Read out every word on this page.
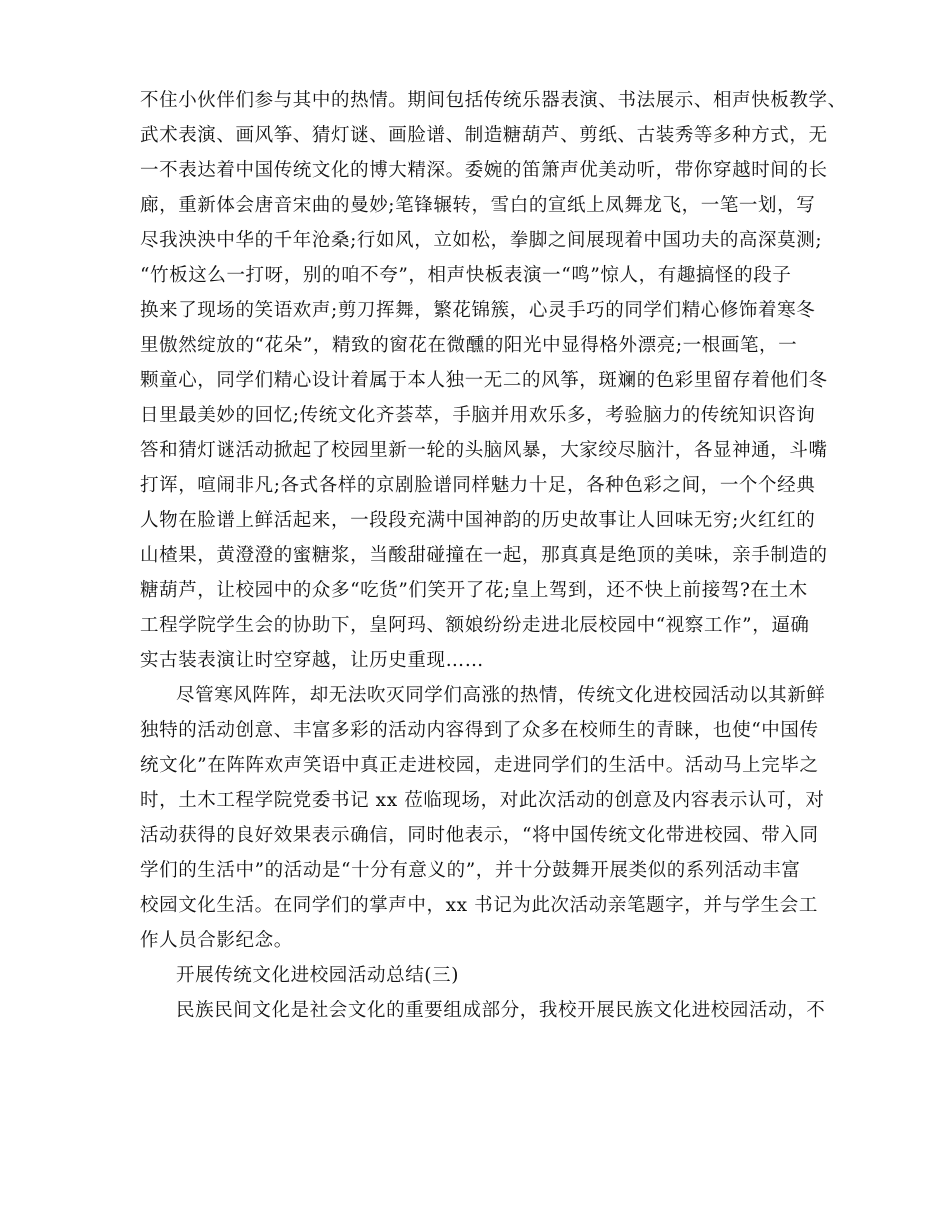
不住小伙伴们参与其中的热情。期间包括传统乐器表演、书法展示、相声快板教学、
武术表演、画风筝、猜灯谜、画脸谱、制造糖葫芦、剪纸、古装秀等多种方式，无
一不表达着中国传统文化的博大精深。委婉的笛箫声优美动听，带你穿越时间的长
廊，重新体会唐音宋曲的曼妙;笔锋辗转，雪白的宣纸上凤舞龙飞，一笔一划，写
尽我泱泱中华的千年沧桑;行如风，立如松，拳脚之间展现着中国功夫的高深莫测;
“竹板这么一打呀，别的咱不夸”，相声快板表演一“鸣”惊人，有趣搞怪的段子
换来了现场的笑语欢声;剪刀挥舞，繁花锦簇，心灵手巧的同学们精心修饰着寒冬
里傲然绽放的“花朵”，精致的窗花在微醺的阳光中显得格外漂亮;一根画笔，一
颗童心，同学们精心设计着属于本人独一无二的风筝，斑斓的色彩里留存着他们冬
日里最美妙的回忆;传统文化齐荟萃，手脑并用欢乐多，考验脑力的传统知识咨询
答和猜灯谜活动掀起了校园里新一轮的头脑风暴，大家绞尽脑汁，各显神通，斗嘴
打诨，喧闹非凡;各式各样的京剧脸谱同样魅力十足，各种色彩之间，一个个经典
人物在脸谱上鲜活起来，一段段充满中国神韵的历史故事让人回味无穷;火红红的
山楂果，黄澄澄的蜜糖浆，当酸甜碰撞在一起，那真真是绝顶的美味，亲手制造的
糖葫芦，让校园中的众多“吃货”们笑开了花;皇上驾到，还不快上前接驾?在土木
工程学院学生会的协助下，皇阿玛、额娘纷纷走进北辰校园中“视察工作”，逼确
实古装表演让时空穿越，让历史重现……
尽管寒风阵阵，却无法吹灭同学们高涨的热情，传统文化进校园活动以其新鲜
独特的活动创意、丰富多彩的活动内容得到了众多在校师生的青睐，也使“中国传
统文化”在阵阵欢声笑语中真正走进校园，走进同学们的生活中。活动马上完毕之
时，土木工程学院党委书记 xx 莅临现场，对此次活动的创意及内容表示认可，对
活动获得的良好效果表示确信，同时他表示，“将中国传统文化带进校园、带入同
学们的生活中”的活动是“十分有意义的”，并十分鼓舞开展类似的系列活动丰富
校园文化生活。在同学们的掌声中，xx 书记为此次活动亲笔题字，并与学生会工
作人员合影纪念。
开展传统文化进校园活动总结(三)
民族民间文化是社会文化的重要组成部分，我校开展民族文化进校园活动，不
